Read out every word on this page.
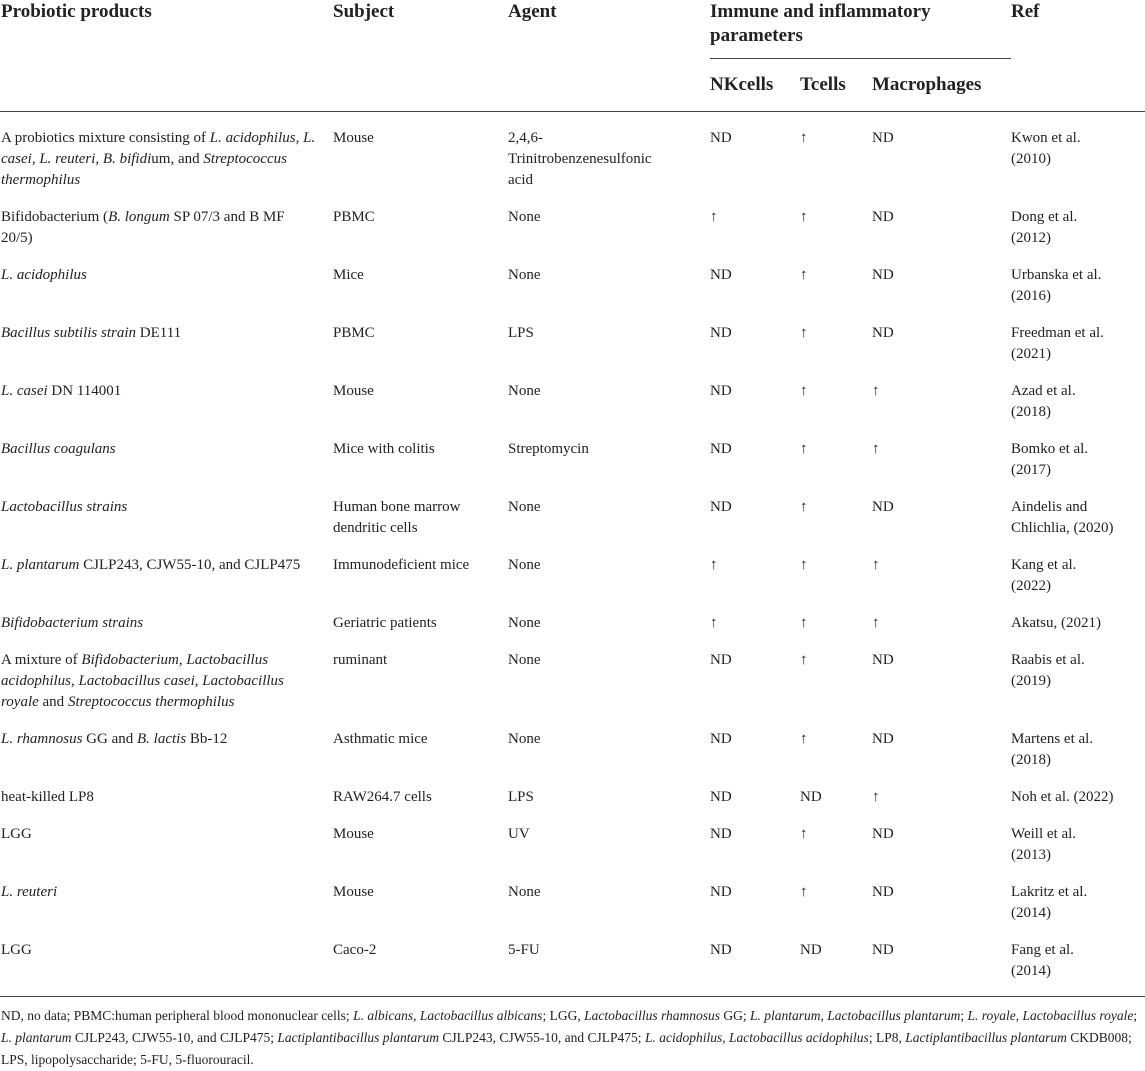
Probiotic products	Subject	Agent	Immune and inflammatory parameters			Ref
			NKcells	Tcells	Macrophages	

A probiotics mixture consisting of L. acidophilus, L. casei, L. reuteri, B. bifidium, and Streptococcus thermophilus	Mouse	2,4,6-Trinitrobenzenesulfonic acid	ND	↑	ND	Kwon et al. (2010)
Bifidobacterium (B. longum SP 07/3 and B MF 20/5)	PBMC	None	↑	↑	ND	Dong et al. (2012)
L. acidophilus	Mice	None	ND	↑	ND	Urbanska et al. (2016)
Bacillus subtilis strain DE111	PBMC	LPS	ND	↑	ND	Freedman et al. (2021)
L. casei DN 114001	Mouse	None	ND	↑	↑	Azad et al. (2018)
Bacillus coagulans	Mice with colitis	Streptomycin	ND	↑	↑	Bomko et al. (2017)
Lactobacillus strains	Human bone marrow dendritic cells	None	ND	↑	ND	Aindelis and Chlichlia, (2020)
L. plantarum CJLP243, CJW55-10, and CJLP475	Immunodeficient mice	None	↑	↑	↑	Kang et al. (2022)
Bifidobacterium strains	Geriatric patients	None	↑	↑	↑	Akatsu, (2021)
A mixture of Bifidobacterium, Lactobacillus acidophilus, Lactobacillus casei, Lactobacillus royale and Streptococcus thermophilus	ruminant	None	ND	↑	ND	Raabis et al. (2019)
L. rhamnosus GG and B. lactis Bb-12	Asthmatic mice	None	ND	↑	ND	Martens et al. (2018)
heat-killed LP8	RAW264.7 cells	LPS	ND	ND	↑	Noh et al. (2022)
LGG	Mouse	UV	ND	↑	ND	Weill et al. (2013)
L. reuteri	Mouse	None	ND	↑	ND	Lakritz et al. (2014)
LGG	Caco-2	5-FU	ND	ND	ND	Fang et al. (2014)
ND, no data; PBMC:human peripheral blood mononuclear cells; L. albicans, Lactobacillus albicans; LGG, Lactobacillus rhamnosus GG; L. plantarum, Lactobacillus plantarum; L. royale, Lactobacillus royale; L. plantarum CJLP243, CJW55-10, and CJLP475; Lactiplantibacillus plantarum CJLP243, CJW55-10, and CJLP475; L. acidophilus, Lactobacillus acidophilus; LP8, Lactiplantibacillus plantarum CKDB008; LPS, lipopolysaccharide; 5-FU, 5-fluorouracil.
